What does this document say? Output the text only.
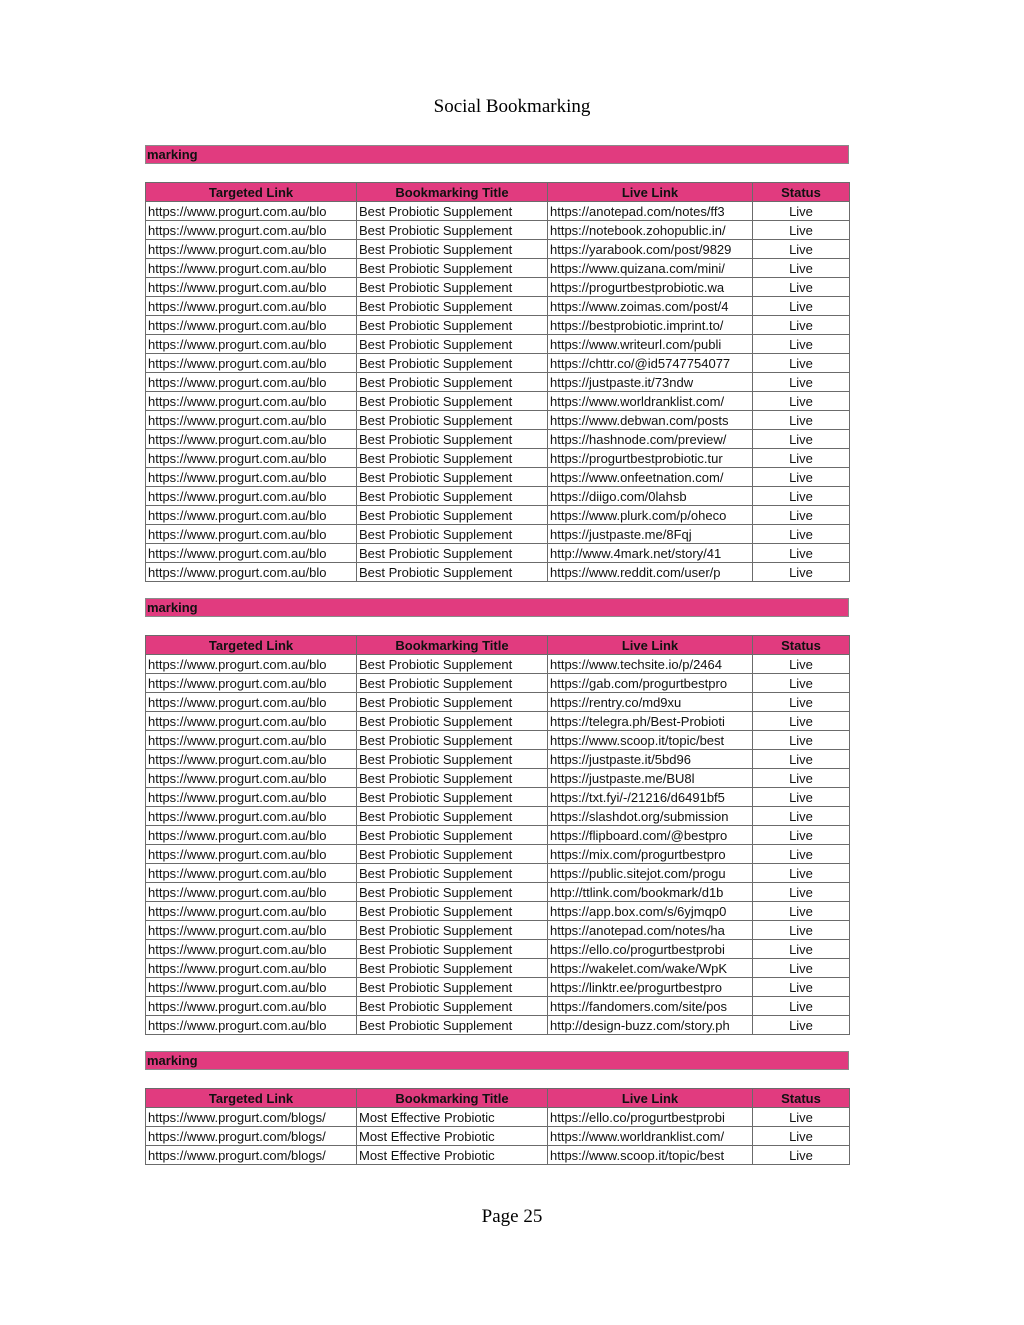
Social Bookmarking
marking
Targeted Link	Bookmarking Title	Live Link	Status
https://www.progurt.com.au/blo	Best Probiotic Supplement	https://anotepad.com/notes/ff3	Live
https://www.progurt.com.au/blo	Best Probiotic Supplement	https://notebook.zohopublic.in/	Live
https://www.progurt.com.au/blo	Best Probiotic Supplement	https://yarabook.com/post/9829	Live
https://www.progurt.com.au/blo	Best Probiotic Supplement	https://www.quizana.com/mini/	Live
https://www.progurt.com.au/blo	Best Probiotic Supplement	https://progurtbestprobiotic.wa	Live
https://www.progurt.com.au/blo	Best Probiotic Supplement	https://www.zoimas.com/post/4	Live
https://www.progurt.com.au/blo	Best Probiotic Supplement	https://bestprobiotic.imprint.to/	Live
https://www.progurt.com.au/blo	Best Probiotic Supplement	https://www.writeurl.com/publi	Live
https://www.progurt.com.au/blo	Best Probiotic Supplement	https://chttr.co/@id5747754077	Live
https://www.progurt.com.au/blo	Best Probiotic Supplement	https://justpaste.it/73ndw	Live
https://www.progurt.com.au/blo	Best Probiotic Supplement	https://www.worldranklist.com/	Live
https://www.progurt.com.au/blo	Best Probiotic Supplement	https://www.debwan.com/posts	Live
https://www.progurt.com.au/blo	Best Probiotic Supplement	https://hashnode.com/preview/	Live
https://www.progurt.com.au/blo	Best Probiotic Supplement	https://progurtbestprobiotic.tur	Live
https://www.progurt.com.au/blo	Best Probiotic Supplement	https://www.onfeetnation.com/	Live
https://www.progurt.com.au/blo	Best Probiotic Supplement	https://diigo.com/0lahsb	Live
https://www.progurt.com.au/blo	Best Probiotic Supplement	https://www.plurk.com/p/oheco	Live
https://www.progurt.com.au/blo	Best Probiotic Supplement	https://justpaste.me/8Fqj	Live
https://www.progurt.com.au/blo	Best Probiotic Supplement	http://www.4mark.net/story/41	Live
https://www.progurt.com.au/blo	Best Probiotic Supplement	https://www.reddit.com/user/p	Live
marking
Targeted Link	Bookmarking Title	Live Link	Status
https://www.progurt.com.au/blo	Best Probiotic Supplement	https://www.techsite.io/p/2464	Live
https://www.progurt.com.au/blo	Best Probiotic Supplement	https://gab.com/progurtbestpro	Live
https://www.progurt.com.au/blo	Best Probiotic Supplement	https://rentry.co/md9xu	Live
https://www.progurt.com.au/blo	Best Probiotic Supplement	https://telegra.ph/Best-Probioti	Live
https://www.progurt.com.au/blo	Best Probiotic Supplement	https://www.scoop.it/topic/best	Live
https://www.progurt.com.au/blo	Best Probiotic Supplement	https://justpaste.it/5bd96	Live
https://www.progurt.com.au/blo	Best Probiotic Supplement	https://justpaste.me/BU8l	Live
https://www.progurt.com.au/blo	Best Probiotic Supplement	https://txt.fyi/-/21216/d6491bf5	Live
https://www.progurt.com.au/blo	Best Probiotic Supplement	https://slashdot.org/submission	Live
https://www.progurt.com.au/blo	Best Probiotic Supplement	https://flipboard.com/@bestpro	Live
https://www.progurt.com.au/blo	Best Probiotic Supplement	https://mix.com/progurtbestpro	Live
https://www.progurt.com.au/blo	Best Probiotic Supplement	https://public.sitejot.com/progu	Live
https://www.progurt.com.au/blo	Best Probiotic Supplement	http://ttlink.com/bookmark/d1b	Live
https://www.progurt.com.au/blo	Best Probiotic Supplement	https://app.box.com/s/6yjmqp0	Live
https://www.progurt.com.au/blo	Best Probiotic Supplement	https://anotepad.com/notes/ha	Live
https://www.progurt.com.au/blo	Best Probiotic Supplement	https://ello.co/progurtbestprobi	Live
https://www.progurt.com.au/blo	Best Probiotic Supplement	https://wakelet.com/wake/WpK	Live
https://www.progurt.com.au/blo	Best Probiotic Supplement	https://linktr.ee/progurtbestpro	Live
https://www.progurt.com.au/blo	Best Probiotic Supplement	https://fandomers.com/site/pos	Live
https://www.progurt.com.au/blo	Best Probiotic Supplement	http://design-buzz.com/story.ph	Live
marking
Targeted Link	Bookmarking Title	Live Link	Status
https://www.progurt.com/blogs/	Most Effective Probiotic	https://ello.co/progurtbestprobi	Live
https://www.progurt.com/blogs/	Most Effective Probiotic	https://www.worldranklist.com/	Live
https://www.progurt.com/blogs/	Most Effective Probiotic	https://www.scoop.it/topic/best	Live
Page 25
